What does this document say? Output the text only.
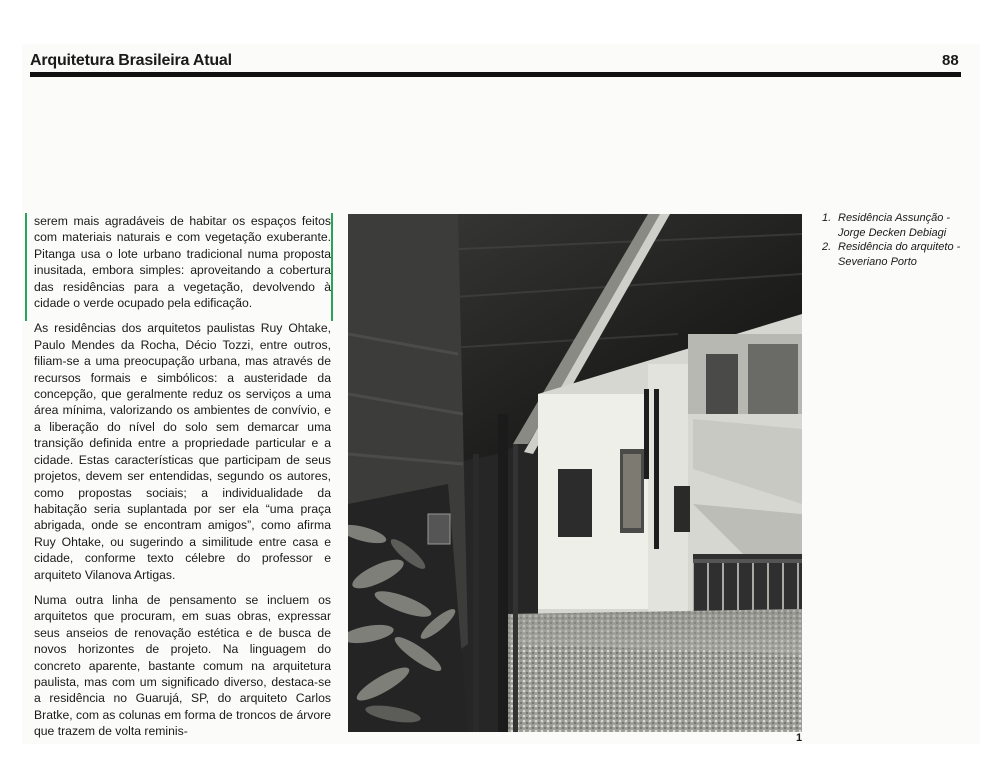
Arquitetura Brasileira Atual	88

serem mais agradáveis de habitar os espaços feitos com materiais naturais e com vegetação exuberante. Pitanga usa o lote urbano tradicional numa proposta inusitada, embora simples: aproveitando a cobertura das residências para a vegetação, devolvendo à cidade o verde ocupado pela edificação.

As residências dos arquitetos paulistas Ruy Ohtake, Paulo Mendes da Rocha, Décio Tozzi, entre outros, filiam-se a uma preocupação urbana, mas através de recursos formais e simbólicos: a austeridade da concepção, que geralmente reduz os serviços a uma área mínima, valorizando os ambientes de convívio, e a liberação do nível do solo sem demarcar uma transição definida entre a propriedade particular e a cidade. Estas características que participam de seus projetos, devem ser entendidas, segundo os autores, como propostas sociais; a individualidade da habitação seria suplantada por ser ela “uma praça abrigada, onde se encontram amigos”, como afirma Ruy Ohtake, ou sugerindo a similitude entre casa e cidade, conforme texto célebre do professor e arquiteto Vilanova Artigas.

Numa outra linha de pensamento se incluem os arquitetos que procuram, em suas obras, expressar seus anseios de renovação estética e de busca de novos horizontes de projeto. Na linguagem do concreto aparente, bastante comum na arquitetura paulista, mas com um significado diverso, destaca-se a residência no Guarujá, SP, do arquiteto Carlos Bratke, com as colunas em forma de troncos de árvore que trazem de volta reminis-	1
1. Residência Assunção - Jorge Decken Debiagi
2. Residência do arquiteto - Severiano Porto
